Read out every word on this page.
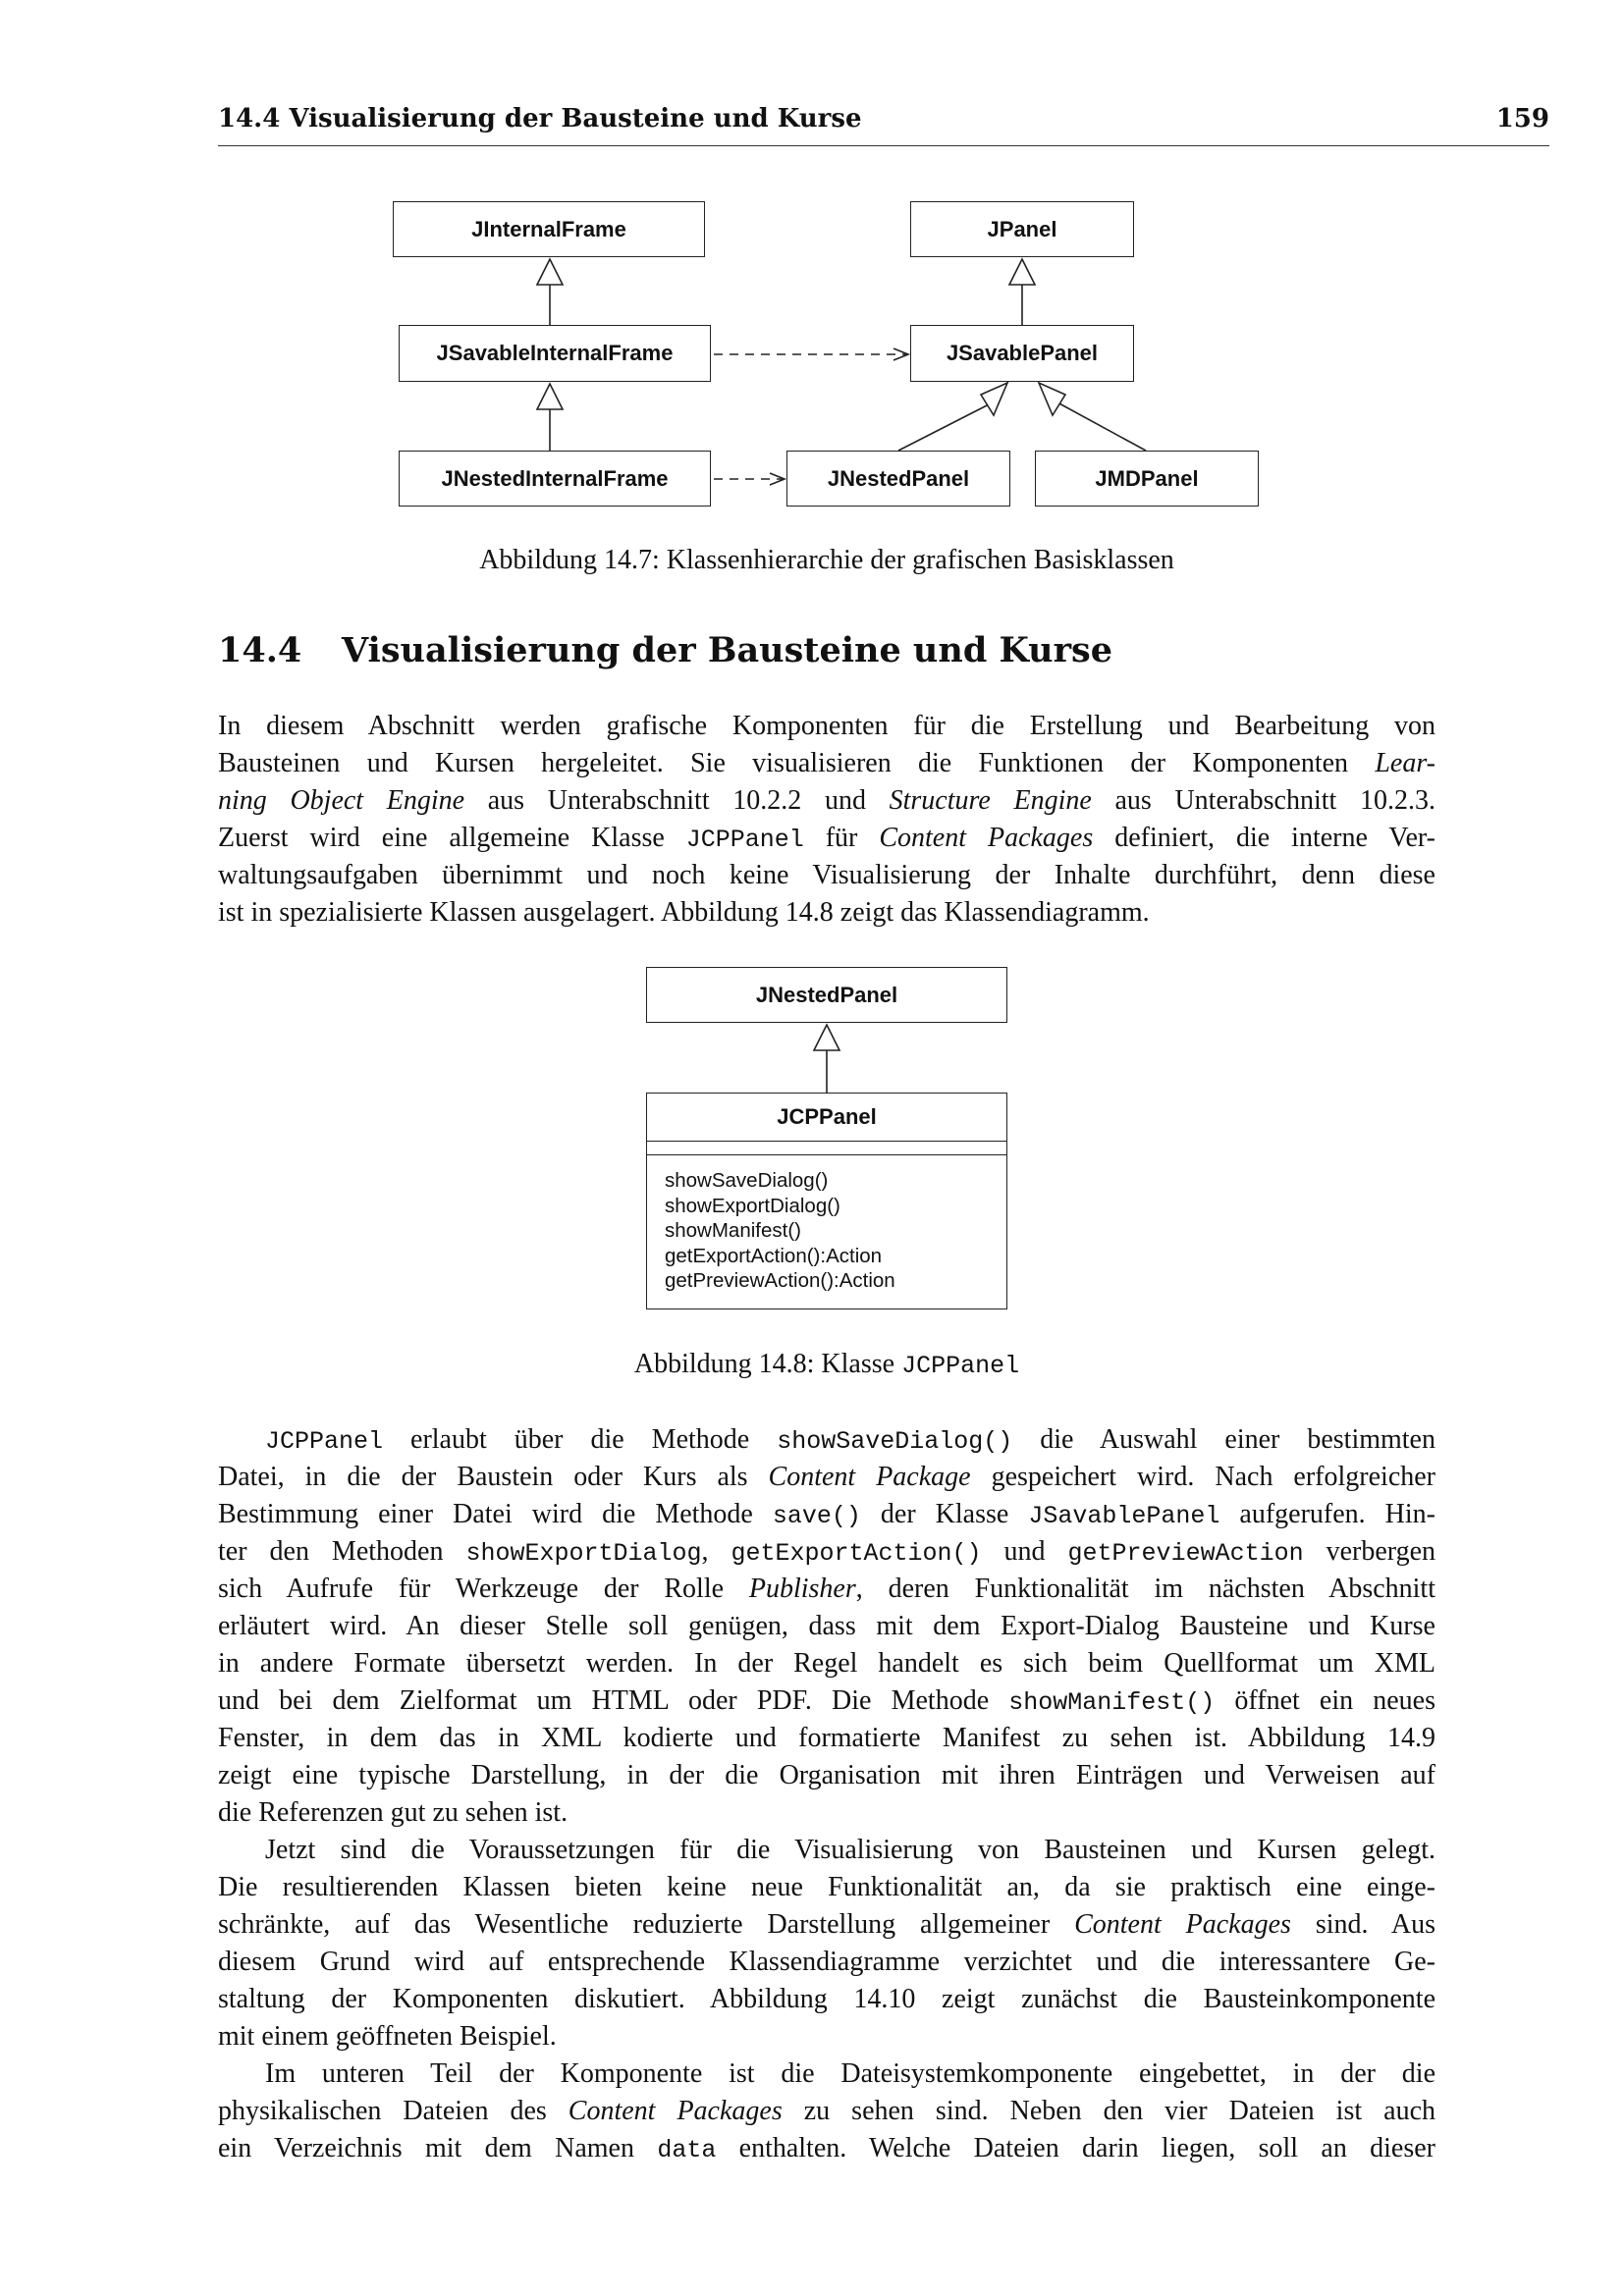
14.4 Visualisierung der Bausteine und Kurse	159
JInternalFrame	JPanel
JSavableInternalFrame	JSavablePanel
JNestedInternalFrame	JNestedPanel	JMDPanel
Abbildung 14.7: Klassenhierarchie der grafischen Basisklassen
14.4 Visualisierung der Bausteine und Kurse
In diesem Abschnitt werden grafische Komponenten für die Erstellung und Bearbeitung von
Bausteinen und Kursen hergeleitet. Sie visualisieren die Funktionen der Komponenten Lear-
ning Object Engine aus Unterabschnitt 10.2.2 und Structure Engine aus Unterabschnitt 10.2.3.
Zuerst wird eine allgemeine Klasse JCPPanel für Content Packages definiert, die interne Ver-
waltungsaufgaben übernimmt und noch keine Visualisierung der Inhalte durchführt, denn diese
ist in spezialisierte Klassen ausgelagert. Abbildung 14.8 zeigt das Klassendiagramm.
JNestedPanel
JCPPanel
showSaveDialog()
showExportDialog()
showManifest()
getExportAction():Action
getPreviewAction():Action
Abbildung 14.8: Klasse JCPPanel
JCPPanel erlaubt über die Methode showSaveDialog() die Auswahl einer bestimmten
Datei, in die der Baustein oder Kurs als Content Package gespeichert wird. Nach erfolgreicher
Bestimmung einer Datei wird die Methode save() der Klasse JSavablePanel aufgerufen. Hin-
ter den Methoden showExportDialog, getExportAction() und getPreviewAction verbergen
sich Aufrufe für Werkzeuge der Rolle Publisher, deren Funktionalität im nächsten Abschnitt
erläutert wird. An dieser Stelle soll genügen, dass mit dem Export-Dialog Bausteine und Kurse
in andere Formate übersetzt werden. In der Regel handelt es sich beim Quellformat um XML
und bei dem Zielformat um HTML oder PDF. Die Methode showManifest() öffnet ein neues
Fenster, in dem das in XML kodierte und formatierte Manifest zu sehen ist. Abbildung 14.9
zeigt eine typische Darstellung, in der die Organisation mit ihren Einträgen und Verweisen auf
die Referenzen gut zu sehen ist.
Jetzt sind die Voraussetzungen für die Visualisierung von Bausteinen und Kursen gelegt.
Die resultierenden Klassen bieten keine neue Funktionalität an, da sie praktisch eine einge-
schränkte, auf das Wesentliche reduzierte Darstellung allgemeiner Content Packages sind. Aus
diesem Grund wird auf entsprechende Klassendiagramme verzichtet und die interessantere Ge-
staltung der Komponenten diskutiert. Abbildung 14.10 zeigt zunächst die Bausteinkomponente
mit einem geöffneten Beispiel.
Im unteren Teil der Komponente ist die Dateisystemkomponente eingebettet, in der die
physikalischen Dateien des Content Packages zu sehen sind. Neben den vier Dateien ist auch
ein Verzeichnis mit dem Namen data enthalten. Welche Dateien darin liegen, soll an dieser
